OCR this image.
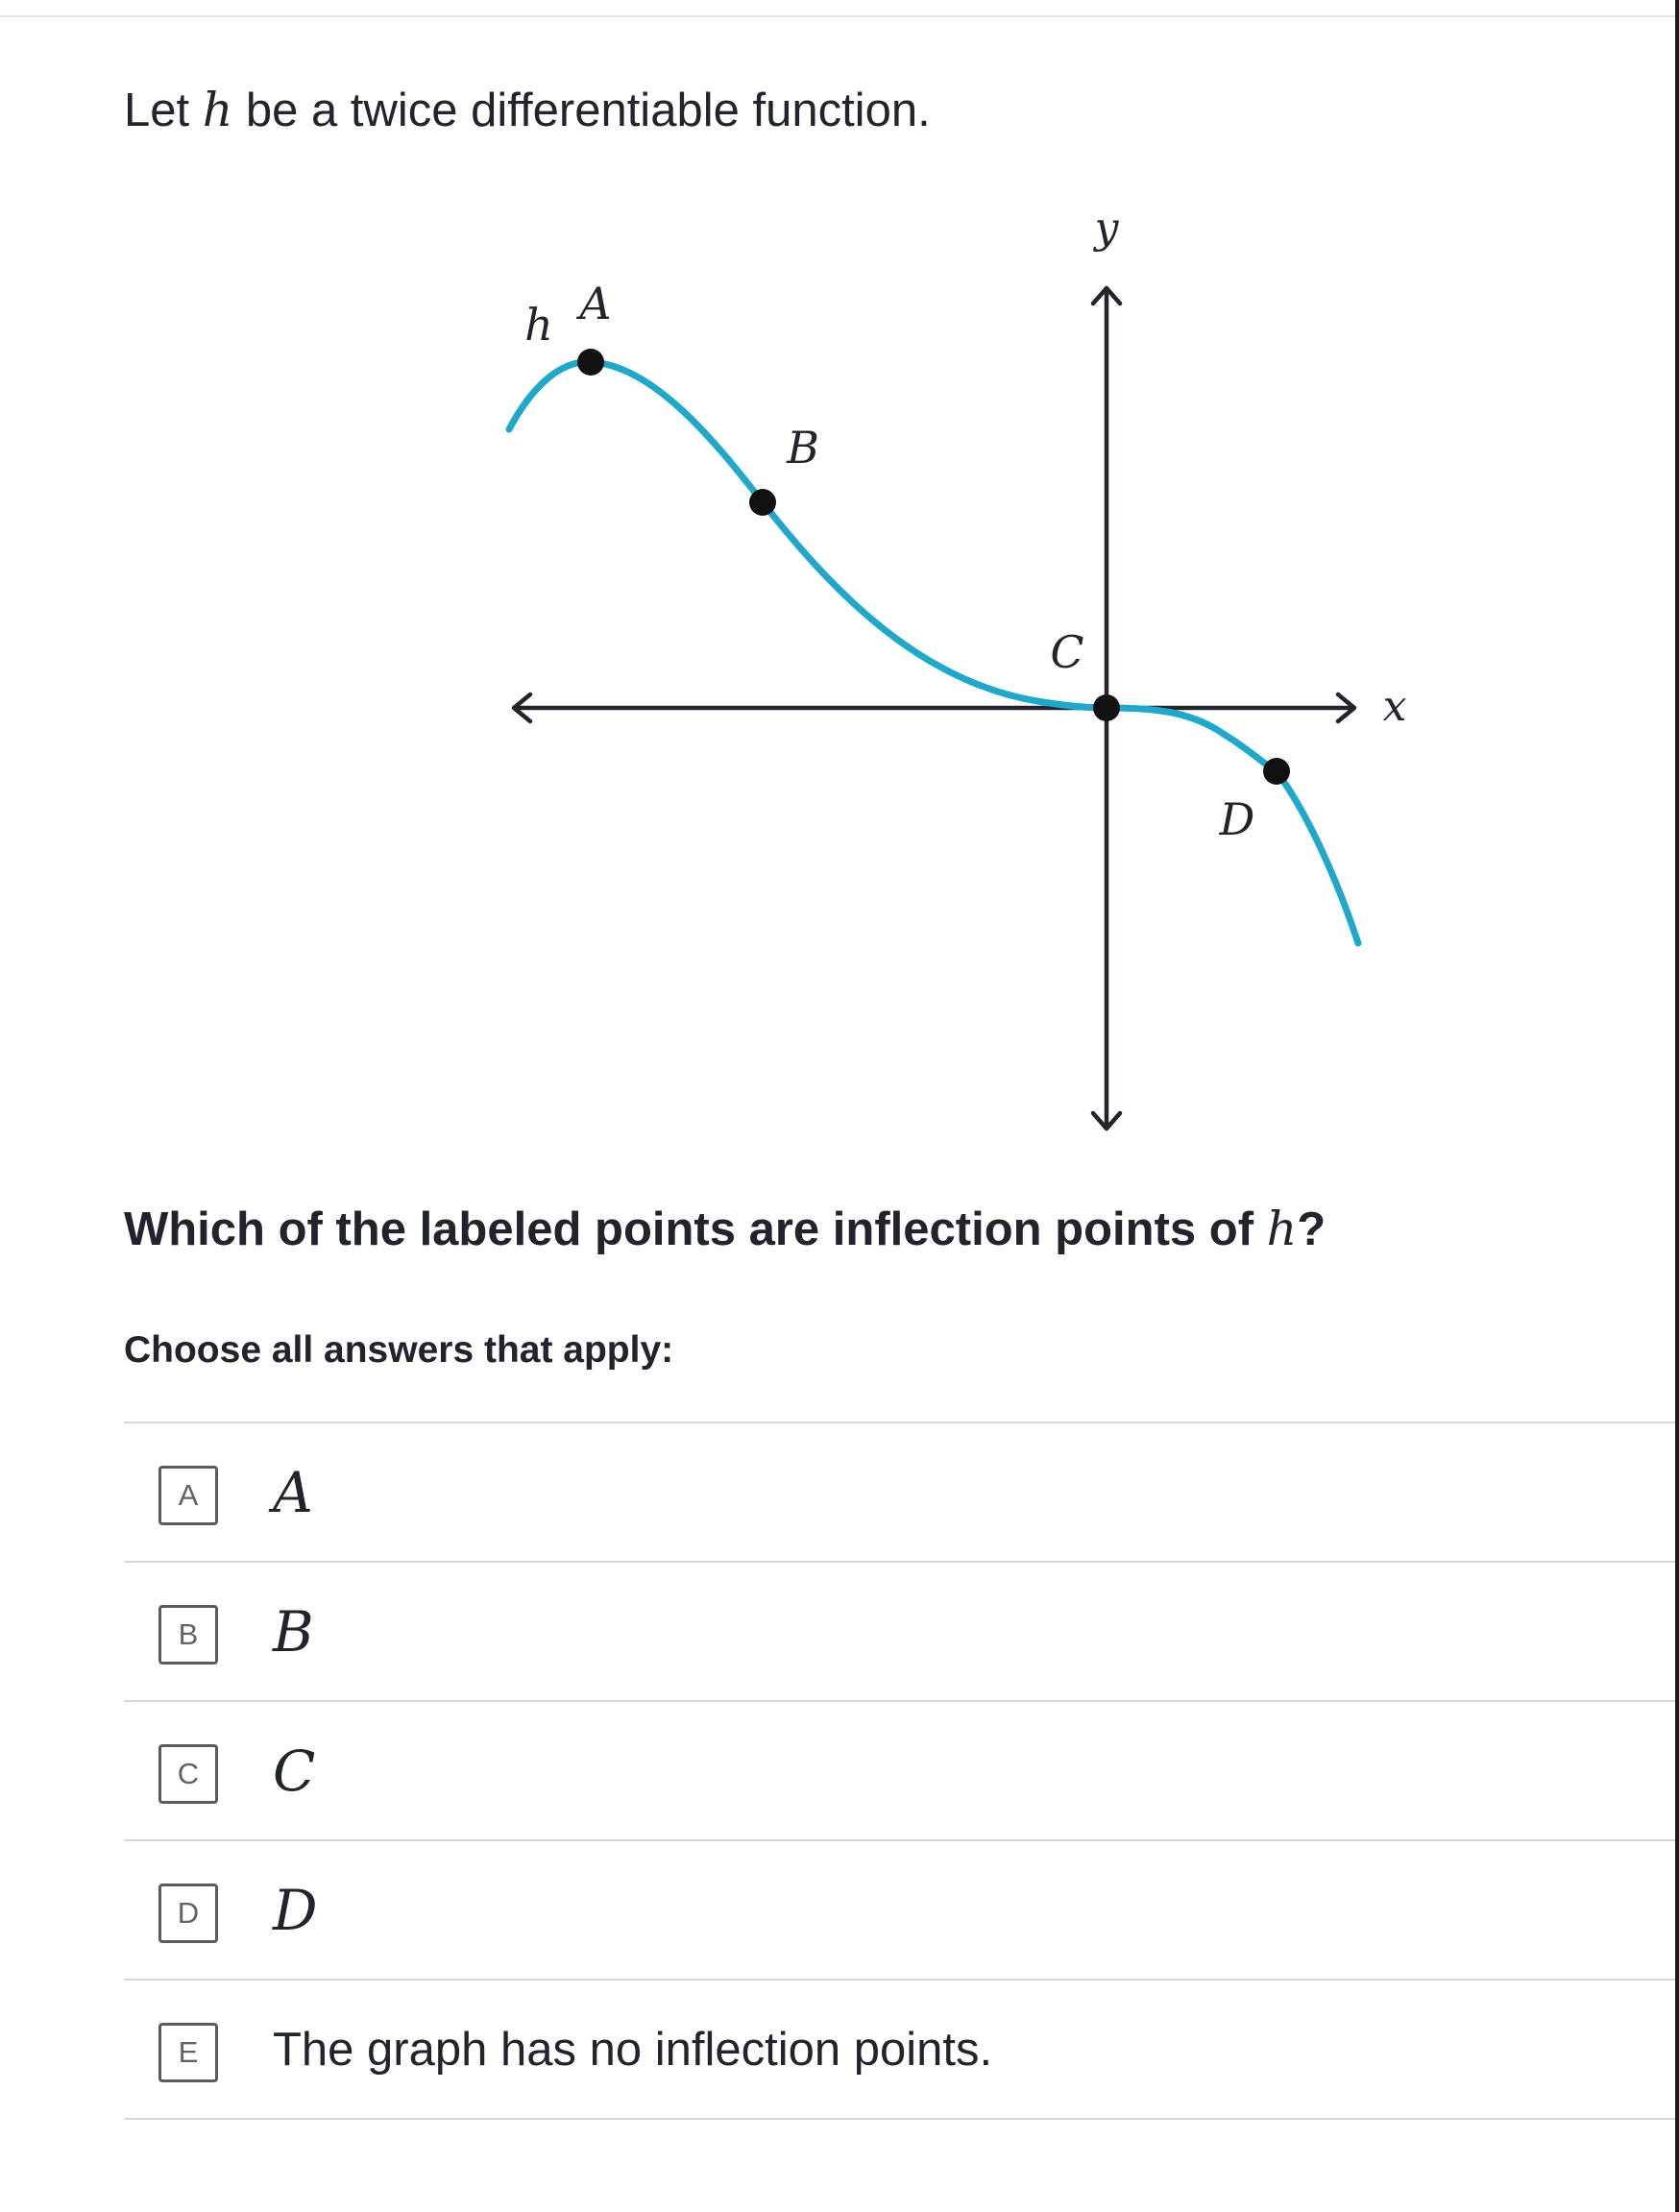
Let h be a twice differentiable function.

h A
B
C
D
y
x

Which of the labeled points are inflection points of h?

Choose all answers that apply:

A	A
B	B
C	C
D	D
E	The graph has no inflection points.
